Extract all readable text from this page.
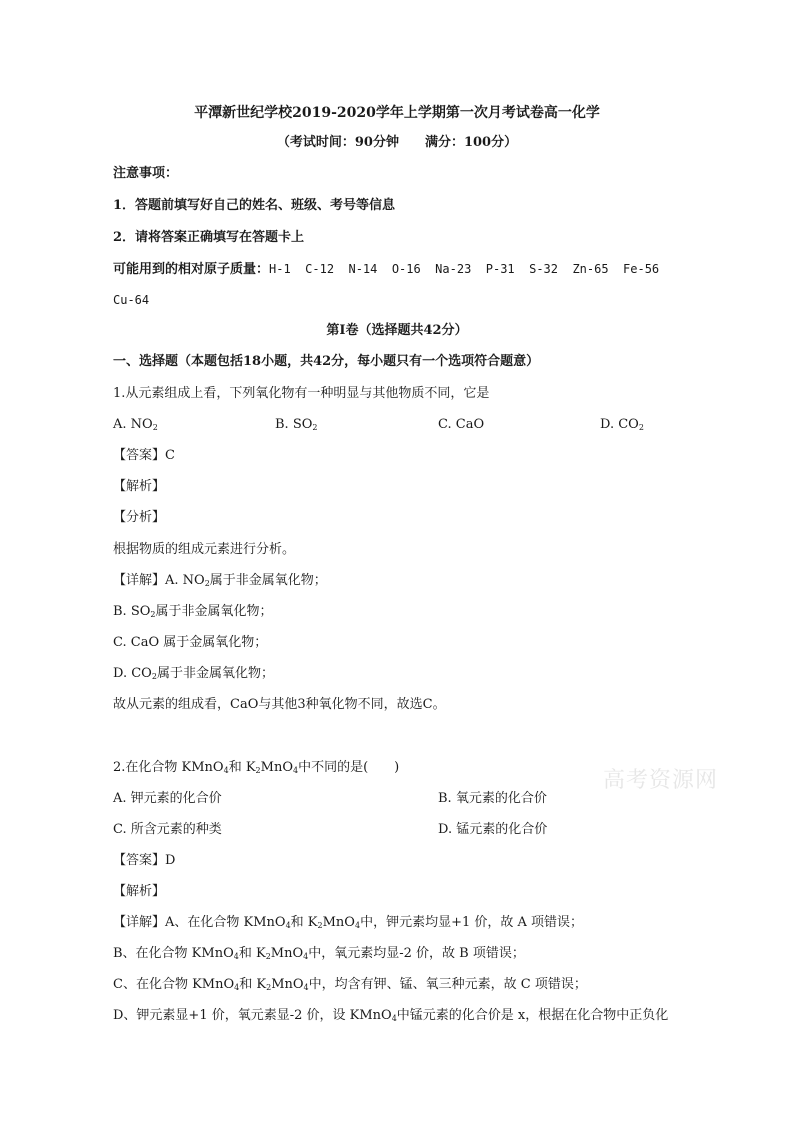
平潭新世纪学校2019-2020学年上学期第一次月考试卷高一化学
（考试时间：90分钟　　满分：100分）
注意事项：
1．答题前填写好自己的姓名、班级、考号等信息
2．请将答案正确填写在答题卡上
可能用到的相对原子质量：H-1  C-12  N-14  O-16  Na-23  P-31  S-32  Zn-65  Fe-56
Cu-64
第Ⅰ卷（选择题共42分）
一、选择题（本题包括18小题，共42分，每小题只有一个选项符合题意）
1.从元素组成上看，下列氧化物有一种明显与其他物质不同，它是
A. $NO_2$	B. $SO_2$	C. CaO	D. $CO_2$
【答案】C
【解析】
【分析】
根据物质的组成元素进行分析。
【详解】A. $NO_2$属于非金属氧化物；
B. $SO_2$属于非金属氧化物；
C. CaO 属于金属氧化物；
D. $CO_2$属于非金属氧化物；
故从元素的组成看，CaO与其他3种氧化物不同，故选C。
2.在化合物 KMnO$_4$和 $K_2MnO_4$中不同的是(　　)
A. 钾元素的化合价	B. 氧元素的化合价
C. 所含元素的种类	D. 锰元素的化合价
【答案】D
【解析】
【详解】A、在化合物 KMnO$_4$和 $K_2MnO_4$中，钾元素均显+1 价，故 A 项错误；
B、在化合物 KMnO$_4$和 $K_2MnO_4$中，氧元素均显-2 价，故 B 项错误；
C、在化合物 KMnO$_4$和 $K_2MnO_4$中，均含有钾、锰、氧三种元素，故 C 项错误；
D、钾元素显+1 价，氧元素显-2 价，设 KMnO$_4$中锰元素的化合价是 x，根据在化合物中正负化
高考资源网
